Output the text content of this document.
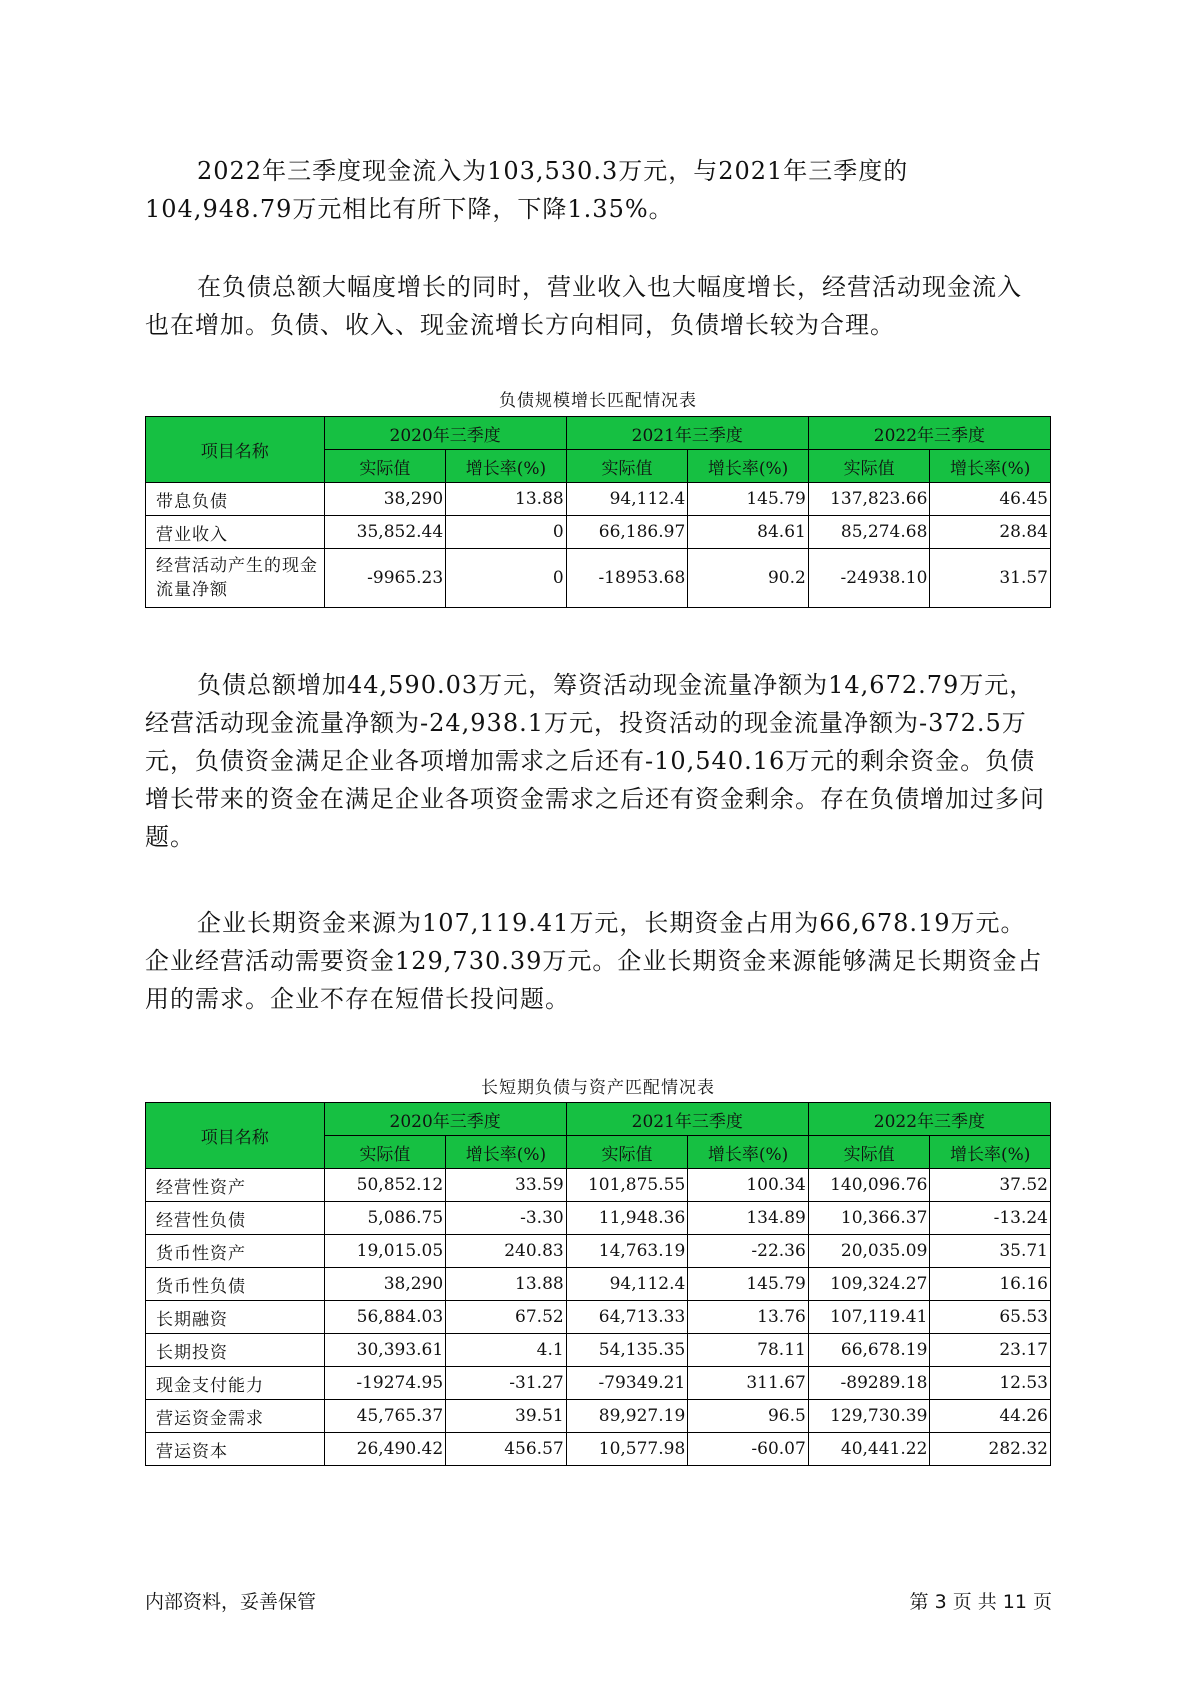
2022年三季度现金流入为103,530.3万元，与2021年三季度的104,948.79万元相比有所下降，下降1.35%。

在负债总额大幅度增长的同时，营业收入也大幅度增长，经营活动现金流入也在增加。负债、收入、现金流增长方向相同，负债增长较为合理。

负债规模增长匹配情况表
项目名称	2020年三季度		2021年三季度		2022年三季度	
	实际值	增长率(%)	实际值	增长率(%)	实际值	增长率(%)
带息负债	38,290	13.88	94,112.4	145.79	137,823.66	46.45
营业收入	35,852.44	0	66,186.97	84.61	85,274.68	28.84
经营活动产生的现金流量净额	-9965.23	0	-18953.68	90.2	-24938.10	31.57

负债总额增加44,590.03万元，筹资活动现金流量净额为14,672.79万元，经营活动现金流量净额为-24,938.1万元，投资活动的现金流量净额为-372.5万元，负债资金满足企业各项增加需求之后还有-10,540.16万元的剩余资金。负债增长带来的资金在满足企业各项资金需求之后还有资金剩余。存在负债增加过多问题。

企业长期资金来源为107,119.41万元，长期资金占用为66,678.19万元。企业经营活动需要资金129,730.39万元。企业长期资金来源能够满足长期资金占用的需求。企业不存在短借长投问题。

长短期负债与资产匹配情况表
项目名称	2020年三季度		2021年三季度		2022年三季度	
	实际值	增长率(%)	实际值	增长率(%)	实际值	增长率(%)
经营性资产	50,852.12	33.59	101,875.55	100.34	140,096.76	37.52
经营性负债	5,086.75	-3.30	11,948.36	134.89	10,366.37	-13.24
货币性资产	19,015.05	240.83	14,763.19	-22.36	20,035.09	35.71
货币性负债	38,290	13.88	94,112.4	145.79	109,324.27	16.16
长期融资	56,884.03	67.52	64,713.33	13.76	107,119.41	65.53
长期投资	30,393.61	4.1	54,135.35	78.11	66,678.19	23.17
现金支付能力	-19274.95	-31.27	-79349.21	311.67	-89289.18	12.53
营运资金需求	45,765.37	39.51	89,927.19	96.5	129,730.39	44.26
营运资本	26,490.42	456.57	10,577.98	-60.07	40,441.22	282.32
内部资料，妥善保管	第 3 页 共 11 页
